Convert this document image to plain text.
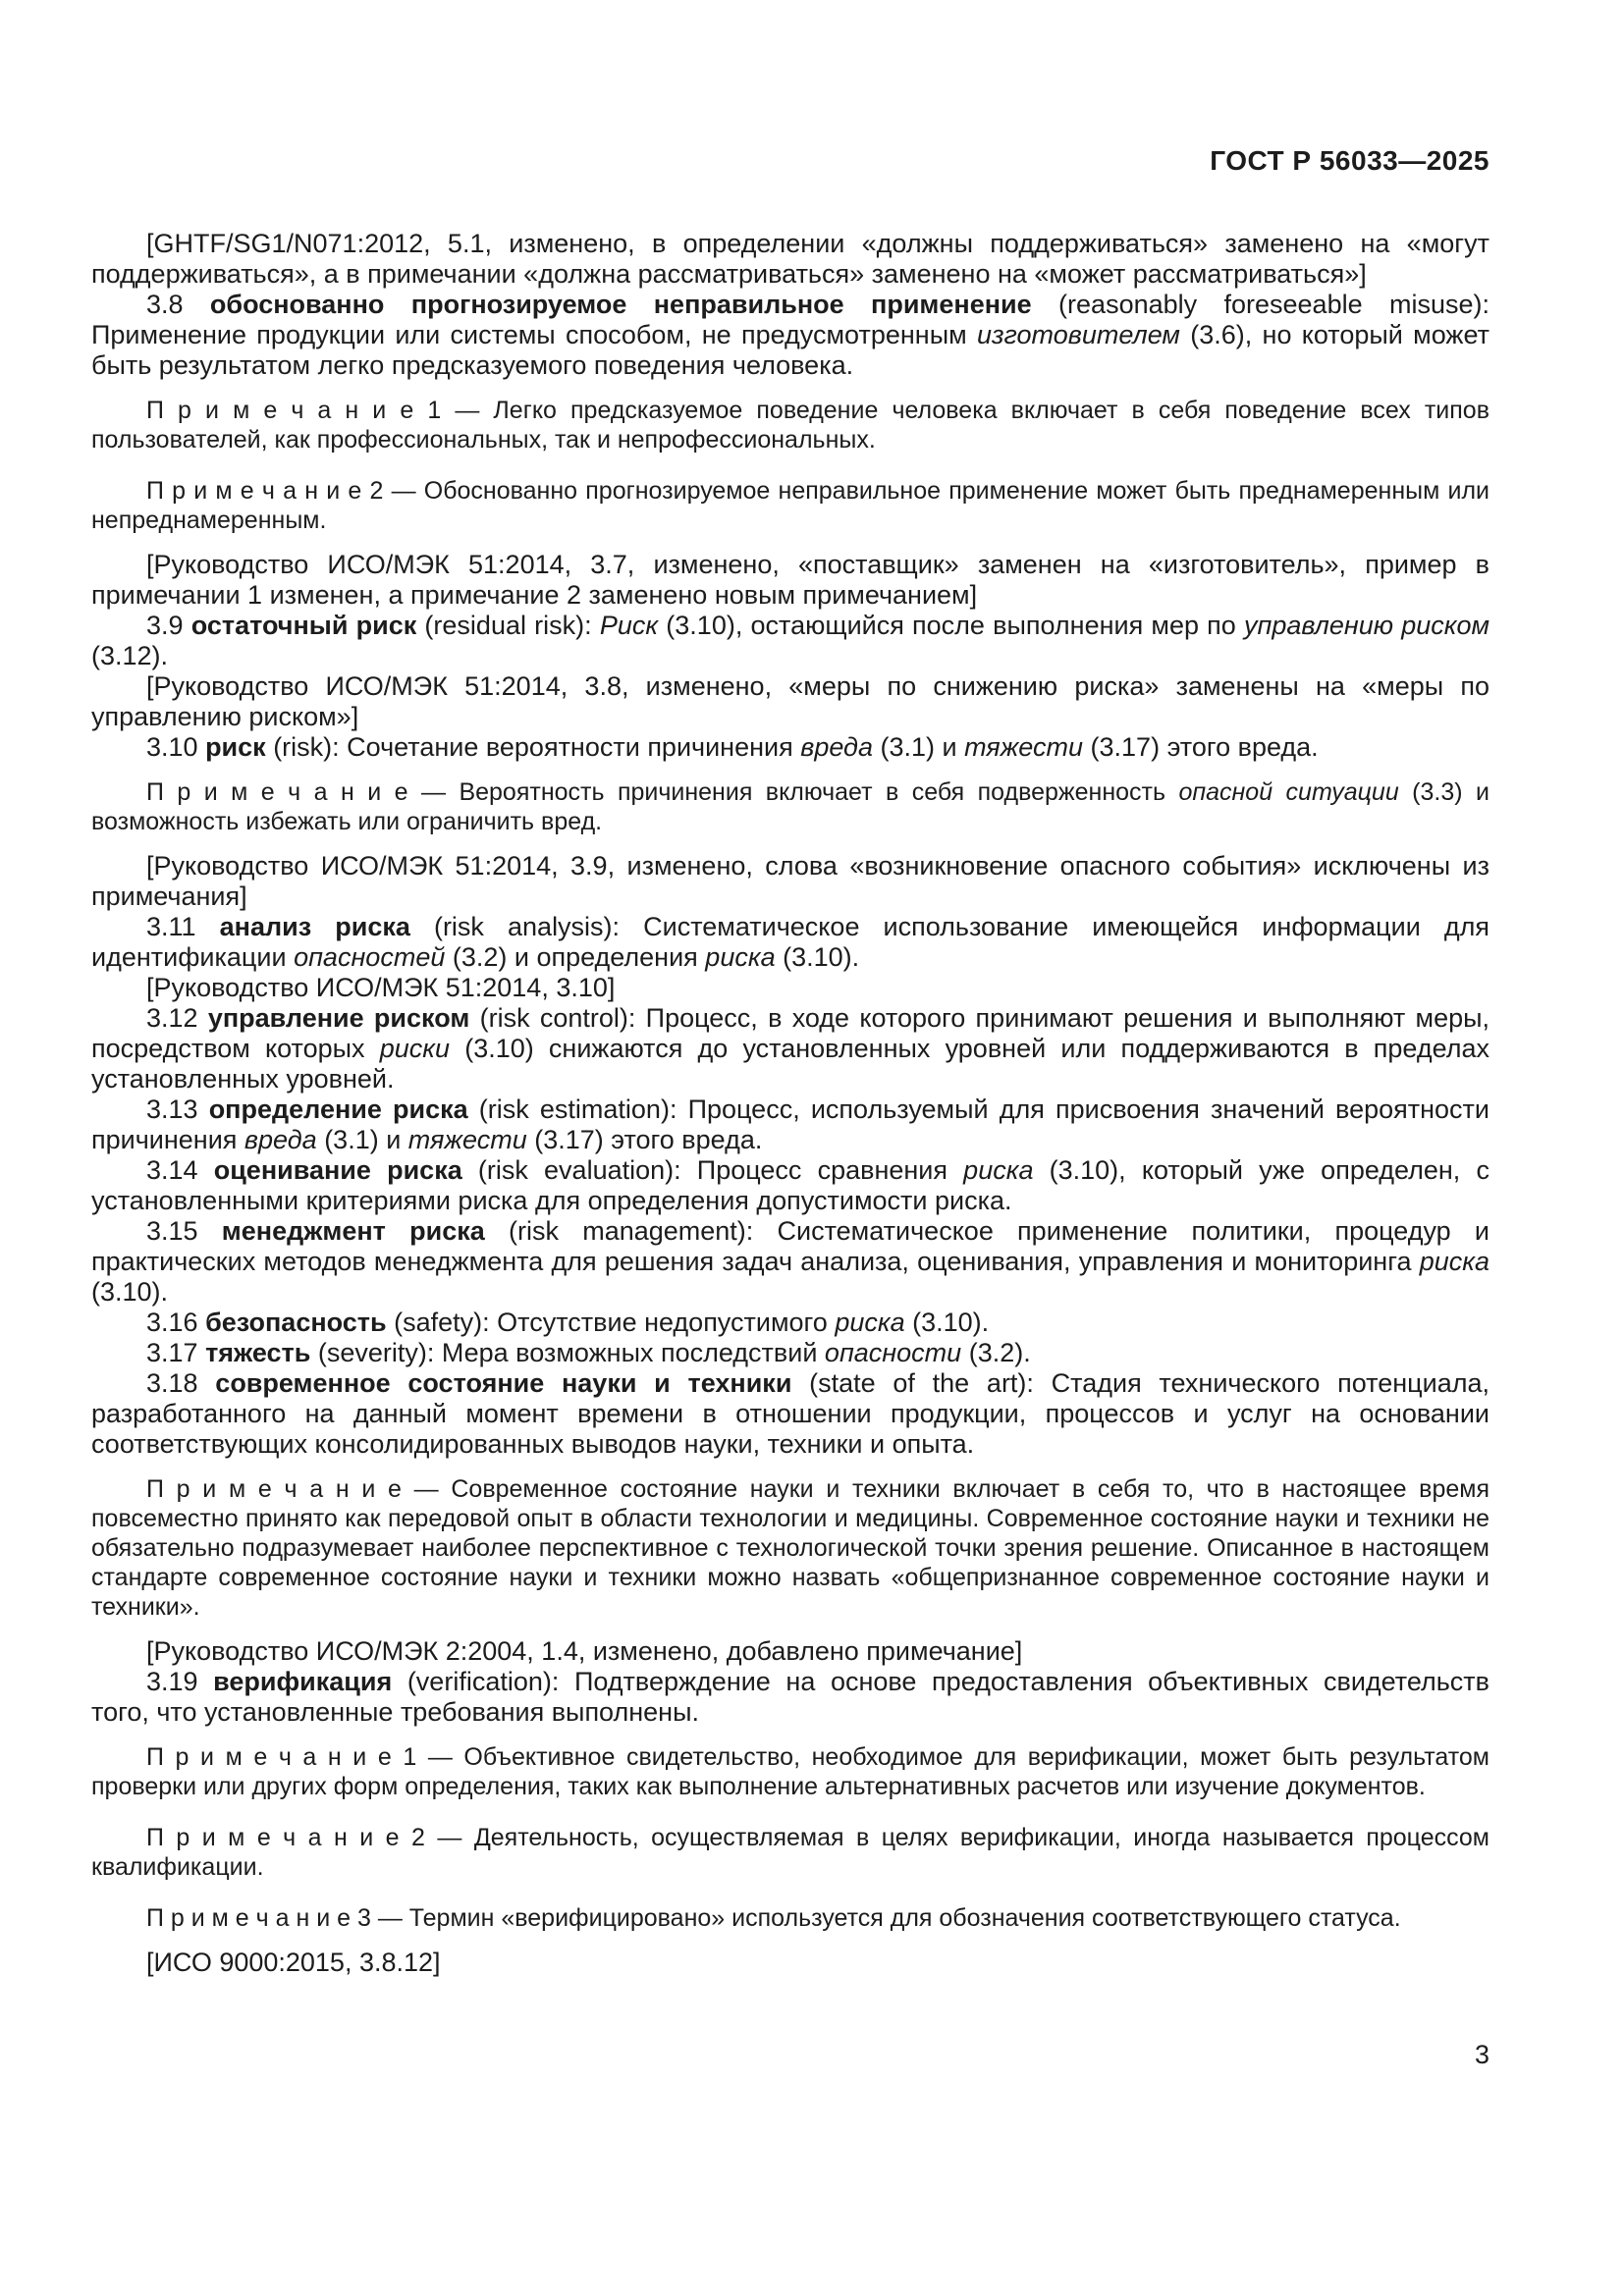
ГОСТ Р 56033—2025

[GHTF/SG1/N071:2012, 5.1, изменено, в определении «должны поддерживаться» заменено на «могут поддерживаться», а в примечании «должна рассматриваться» заменено на «может рассматриваться»]

3.8 обоснованно прогнозируемое неправильное применение (reasonably foreseeable misuse): Применение продукции или системы способом, не предусмотренным изготовителем (3.6), но который может быть результатом легко предсказуемого поведения человека.

П р и м е ч а н и е 1 — Легко предсказуемое поведение человека включает в себя поведение всех типов пользователей, как профессиональных, так и непрофессиональных.

П р и м е ч а н и е 2 — Обоснованно прогнозируемое неправильное применение может быть преднамеренным или непреднамеренным.

[Руководство ИСО/МЭК 51:2014, 3.7, изменено, «поставщик» заменен на «изготовитель», пример в примечании 1 изменен, а примечание 2 заменено новым примечанием]

3.9 остаточный риск (residual risk): Риск (3.10), остающийся после выполнения мер по управлению риском (3.12).

[Руководство ИСО/МЭК 51:2014, 3.8, изменено, «меры по снижению риска» заменены на «меры по управлению риском»]

3.10 риск (risk): Сочетание вероятности причинения вреда (3.1) и тяжести (3.17) этого вреда.

П р и м е ч а н и е — Вероятность причинения включает в себя подверженность опасной ситуации (3.3) и возможность избежать или ограничить вред.

[Руководство ИСО/МЭК 51:2014, 3.9, изменено, слова «возникновение опасного события» исключены из примечания]

3.11 анализ риска (risk analysis): Систематическое использование имеющейся информации для идентификации опасностей (3.2) и определения риска (3.10).

[Руководство ИСО/МЭК 51:2014, 3.10]

3.12 управление риском (risk control): Процесс, в ходе которого принимают решения и выполняют меры, посредством которых риски (3.10) снижаются до установленных уровней или поддерживаются в пределах установленных уровней.

3.13 определение риска (risk estimation): Процесс, используемый для присвоения значений вероятности причинения вреда (3.1) и тяжести (3.17) этого вреда.

3.14 оценивание риска (risk evaluation): Процесс сравнения риска (3.10), который уже определен, с установленными критериями риска для определения допустимости риска.

3.15 менеджмент риска (risk management): Систематическое применение политики, процедур и практических методов менеджмента для решения задач анализа, оценивания, управления и мониторинга риска (3.10).

3.16 безопасность (safety): Отсутствие недопустимого риска (3.10).

3.17 тяжесть (severity): Мера возможных последствий опасности (3.2).

3.18 современное состояние науки и техники (state of the art): Стадия технического потенциала, разработанного на данный момент времени в отношении продукции, процессов и услуг на основании соответствующих консолидированных выводов науки, техники и опыта.

П р и м е ч а н и е — Современное состояние науки и техники включает в себя то, что в настоящее время повсеместно принято как передовой опыт в области технологии и медицины. Современное состояние науки и техники не обязательно подразумевает наиболее перспективное с технологической точки зрения решение. Описанное в настоящем стандарте современное состояние науки и техники можно назвать «общепризнанное современное состояние науки и техники».

[Руководство ИСО/МЭК 2:2004, 1.4, изменено, добавлено примечание]

3.19 верификация (verification): Подтверждение на основе предоставления объективных свидетельств того, что установленные требования выполнены.

П р и м е ч а н и е 1 — Объективное свидетельство, необходимое для верификации, может быть результатом проверки или других форм определения, таких как выполнение альтернативных расчетов или изучение документов.

П р и м е ч а н и е 2 — Деятельность, осуществляемая в целях верификации, иногда называется процессом квалификации.

П р и м е ч а н и е 3 — Термин «верифицировано» используется для обозначения соответствующего статуса.

[ИСО 9000:2015, 3.8.12]

3
